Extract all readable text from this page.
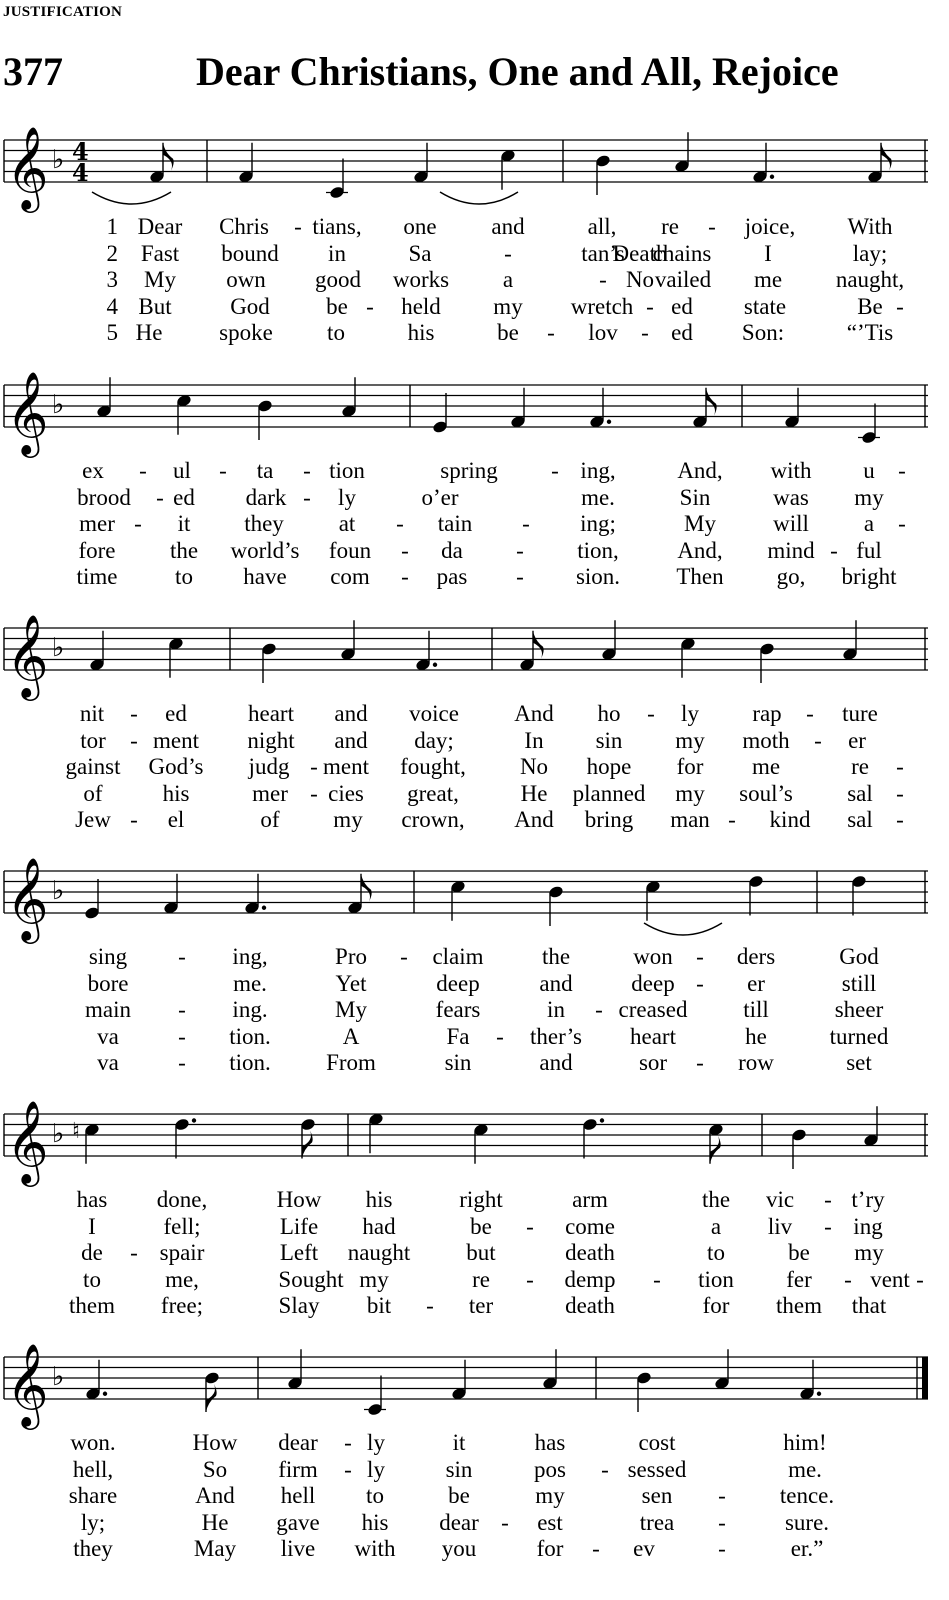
JUSTIFICATION
377	Dear Christians, One and All, Rejoice
𝄞 ♭ 4
4
𝄞 ♭
𝄞 ♭
𝄞 ♭
𝄞 ♭ ♮
𝄞 ♭
1 Dear Chris - tians, one and	all, re - joice, With
2 Fast bound in	Sa	-	tan’s chains I	lay;
Death
3 My own good works a	- vailed me naught,
No
4 But	God be - held my wretch - ed state	Be -
5 He spoke to	his	be - lov - ed Son:	“’Tis
ex - ul - ta - tion	spring - ing,	And, with u -
brood - ed dark - ly	o’er	me.	Sin	was my
mer - it they at - tain - ing;	My will a -
fore the world’s foun - da - tion,	And, mind - ful
time	to have com - pas - sion. Then go, bright
nit - ed	heart and voice And ho - ly rap - ture
tor - ment night and day;	In sin my moth - er
gainst God’s judg - ment fought, No hope for me	re -
of	his	mer - cies great,	He planned my soul’s sal -
Jew - el	of my crown, And bring man - kind sal -
sing - ing,	Pro - claim	the	won - ders	God
bore	me.	Yet	deep	and	deep - er	still
main - ing.	My	fears	in - creased till	sheer
va	- tion.	A	Fa - ther’s heart	he	turned
va	- tion. From	sin	and	sor - row	set
has done,	How his	right	arm	the vic - t’ry
I	fell;	Life had	be - come	a liv - ing
de - spair	Left naught but	death	to	be my
to	me,	Sought my	re - demp - tion fer - vent -
them free;	Slay bit - ter	death	for them that
won.	How dear - ly	it	has	cost	him!
hell,	So firm - ly	sin	pos - sessed	me.
share	And hell to	be	my	sen - tence.
ly;	He gave his dear - est	trea -	sure.
they	May live with you	for - ev	-	er.”
